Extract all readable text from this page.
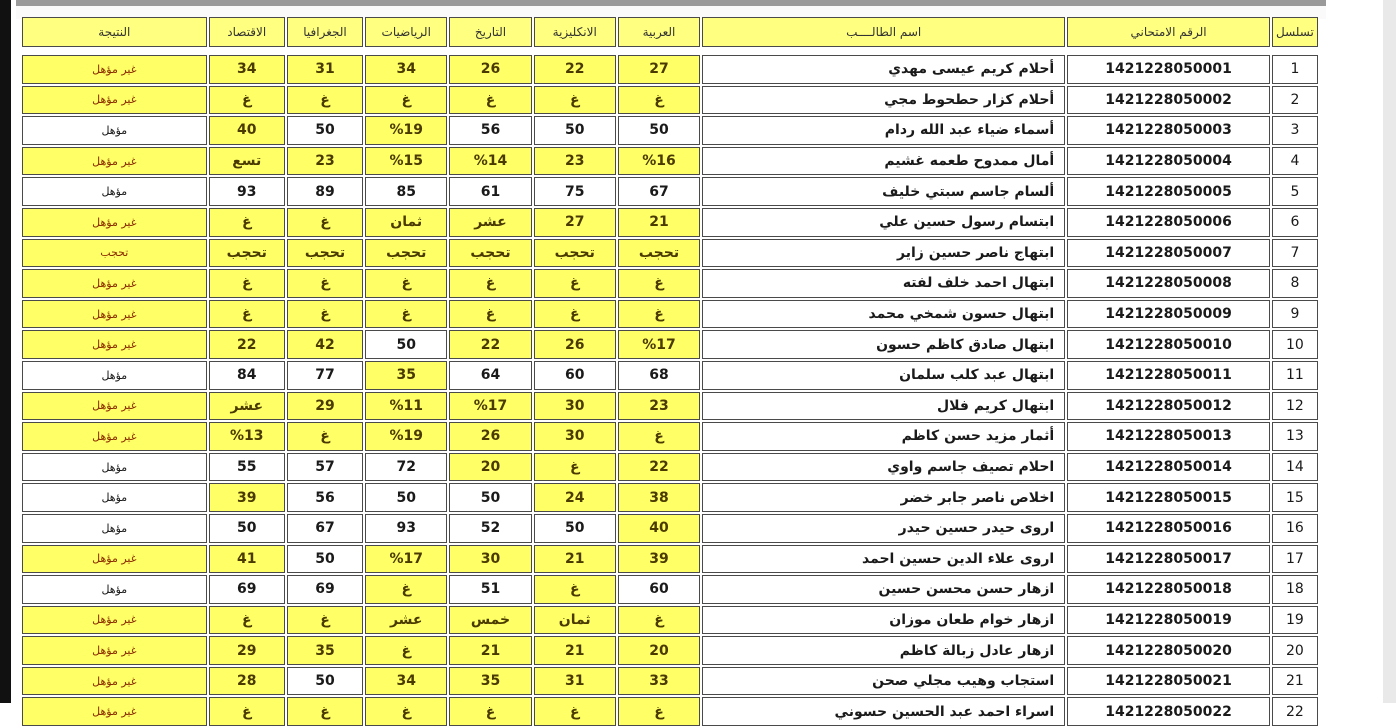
تسلسل	الرقم الامتحاني	اسم الطالــــب	العربية	الانكليزية	التاريخ	الرياضيات	الجغرافيا	الاقتصاد	النتيجة

1	1421228050001	أحلام كريم عيسى مهدي	27	22	26	34	31	34	غير مؤهل
2	1421228050002	أحلام كزار حطحوط مجي	غ	غ	غ	غ	غ	غ	غير مؤهل
3	1421228050003	أسماء ضياء عبد الله ردام	50	50	56	%19	50	40	مؤهل
4	1421228050004	أمال ممدوح طعمه غشيم	%16	23	%14	%15	23	تسع	غير مؤهل
5	1421228050005	ألسام جاسم سبتي خليف	67	75	61	85	89	93	مؤهل
6	1421228050006	ابتسام رسول حسين علي	21	27	عشر	ثمان	غ	غ	غير مؤهل
7	1421228050007	ابتهاج ناصر حسين زاير	تحجب	تحجب	تحجب	تحجب	تحجب	تحجب	تحجب
8	1421228050008	ابتهال احمد خلف لفته	غ	غ	غ	غ	غ	غ	غير مؤهل
9	1421228050009	ابتهال حسون شمخي محمد	غ	غ	غ	غ	غ	غ	غير مؤهل
10	1421228050010	ابتهال صادق كاظم حسون	%17	26	22	50	42	22	غير مؤهل
11	1421228050011	ابتهال عبد كلب سلمان	68	60	64	35	77	84	مؤهل
12	1421228050012	ابتهال كريم فلال	23	30	%17	%11	29	عشر	غير مؤهل
13	1421228050013	أثمار مزيد حسن كاظم	غ	30	26	%19	غ	%13	غير مؤهل
14	1421228050014	احلام تصيف جاسم واوي	22	غ	20	72	57	55	مؤهل
15	1421228050015	اخلاص ناصر جابر خضر	38	24	50	50	56	39	مؤهل
16	1421228050016	اروى حيدر حسين حيدر	40	50	52	93	67	50	مؤهل
17	1421228050017	اروى علاء الدين حسين احمد	39	21	30	%17	50	41	غير مؤهل
18	1421228050018	ازهار حسن محسن حسين	60	غ	51	غ	69	69	مؤهل
19	1421228050019	ازهار خوام طعان موزان	غ	ثمان	خمس	عشر	غ	غ	غير مؤهل
20	1421228050020	ازهار عادل زبالة كاظم	20	21	21	غ	35	29	غير مؤهل
21	1421228050021	استجاب وهيب مجلي صحن	33	31	35	34	50	28	غير مؤهل
22	1421228050022	اسراء احمد عبد الحسين حسوني	غ	غ	غ	غ	غ	غ	غير مؤهل
